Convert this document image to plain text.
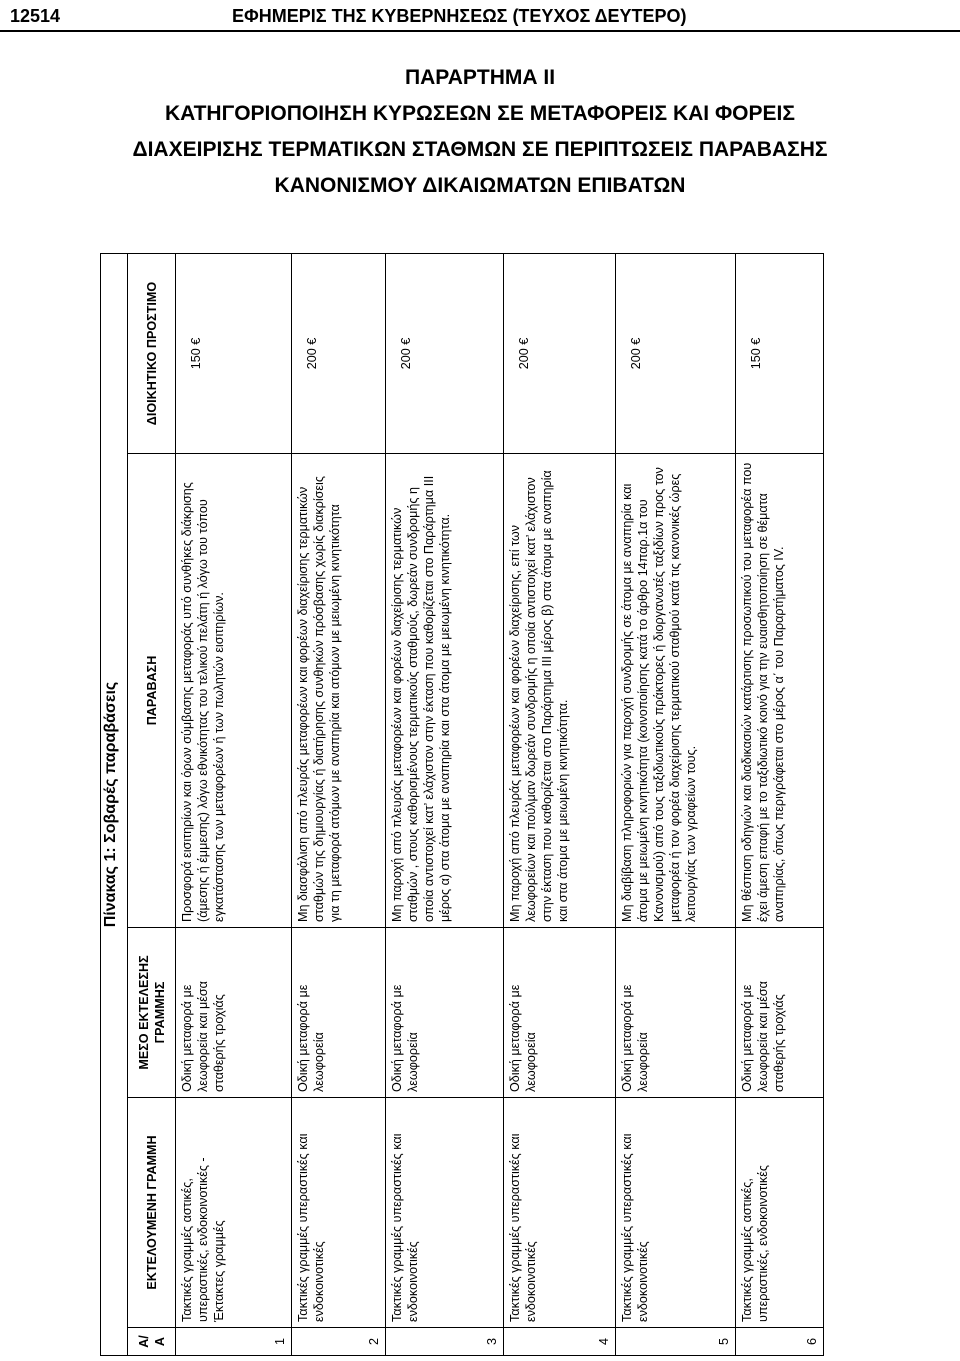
12514	ΕΦΗΜΕΡΙΣ ΤΗΣ ΚΥΒΕΡΝΗΣΕΩΣ (ΤΕΥΧΟΣ ΔΕΥΤΕΡΟ)
ΠΑΡΑΡΤΗΜΑ ΙΙ
ΚΑΤΗΓΟΡΙΟΠΟΙΗΣΗ ΚΥΡΩΣΕΩΝ ΣΕ ΜΕΤΑΦΟΡΕΙΣ ΚΑΙ ΦΟΡΕΙΣ
ΔΙΑΧΕΙΡΙΣΗΣ ΤΕΡΜΑΤΙΚΩΝ ΣΤΑΘΜΩΝ ΣΕ ΠΕΡΙΠΤΩΣΕΙΣ ΠΑΡΑΒΑΣΗΣ
ΚΑΝΟΝΙΣΜΟΥ ΔΙΚΑΙΩΜΑΤΩΝ ΕΠΙΒΑΤΩΝ
Πίνακας 1: Σοβαρές παραβάσεις				
Α/Α	ΕΚΤΕΛΟΥΜΕΝΗ ΓΡΑΜΜΗ	ΜΕΣΟ ΕΚΤΕΛΕΣΗΣ ΓΡΑΜΜΗΣ	ΠΑΡΑΒΑΣΗ	ΔΙΟΙΚΗΤΙΚΟ ΠΡΟΣΤΙΜΟ
1	Τακτικές γραμμές αστικές, υπεραστικές, ενδοκοινοτικές - Έκτακτες γραμμές	Οδική μεταφορά με λεωφορεία και μέσα σταθερής τροχιάς	Προσφορά εισιτηρίων και όρων σύμβασης μεταφοράς υπό συνθήκες διάκρισης (άμεσης ή έμμεσης) λόγω εθνικότητας του τελικού πελάτη ή λόγω του τόπου εγκατάστασης των μεταφορέων ή των πωλητών εισιτηρίων.	150 €
2	Τακτικές γραμμές υπεραστικές και ενδοκοινοτικές	Οδική μεταφορά με λεωφορεία	Μη διασφάλιση από πλευράς μεταφορέων και φορέων διαχείρισης τερματικών σταθμών της δημιουργίας ή διατήρησης συνθηκών πρόσβασης χωρίς διακρίσεις για τη μεταφορά ατόμων με αναπηρία και ατόμων με μειωμένη κινητικότητα	200 €
3	Τακτικές γραμμές υπεραστικές και ενδοκοινοτικές	Οδική μεταφορά με λεωφορεία	Μη παροχή από πλευράς μεταφορέων και φορέων διαχείρισης τερματικών σταθμών , στους καθορισμένους τερματικούς σταθμούς, δωρεάν συνδρομής η οποία αντιστοιχεί κατ’ ελάχιστον στην έκταση που καθορίζεται στο Παράρτημα ΙΙΙ μέρος α) στα άτομα με αναπηρία και στα άτομα με μειωμένη κινητικότητα.	200 €
4	Τακτικές γραμμές υπεραστικές και ενδοκοινοτικές	Οδική μεταφορά με λεωφορεία	Μη παροχή από πλευράς μεταφορέων και φορέων διαχείρισης, επί των λεωφορείων και πούλμαν δωρεάν συνδρομής η οποία αντιστοιχεί κατ’ ελάχιστον στην έκταση που καθορίζεται στο Παράρτημα ΙΙΙ μέρος β) στα άτομα με αναπηρία και στα άτομα με μειωμένη κινητικότητα.	200 €
5	Τακτικές γραμμές υπεραστικές και ενδοκοινοτικές	Οδική μεταφορά με λεωφορεία	Μη διαβίβαση πληροφοριών για παροχή συνδρομής σε άτομα με αναπηρία και άτομα με μειωμένη κινητικότητα (κοινοποίησης κατά το άρθρο 14παρ.1α του Κανονισμού) από τους ταξιδιωτικούς πράκτορες ή διοργανωτές ταξιδίων προς τον μεταφορέα ή τον φορέα διαχείρισης τερματικού σταθμού κατά τις κανονικές ώρες λειτουργίας των γραφείων τους.	200 €
6	Τακτικές γραμμές αστικές, υπεραστικές, ενδοκοινοτικές	Οδική μεταφορά με λεωφορεία και μέσα σταθερής τροχιάς	Μη θέσπιση οδηγιών και διαδικασιών κατάρτισης προσωπικού του μεταφορέα που έχει άμεση επαφή με το ταξιδιωτικό κοινό για την ευαισθητοποίηση σε θέματα αναπηρίας, όπως περιγράφεται στο μέρος α΄ του Παραρτήματος IV.	150 €
